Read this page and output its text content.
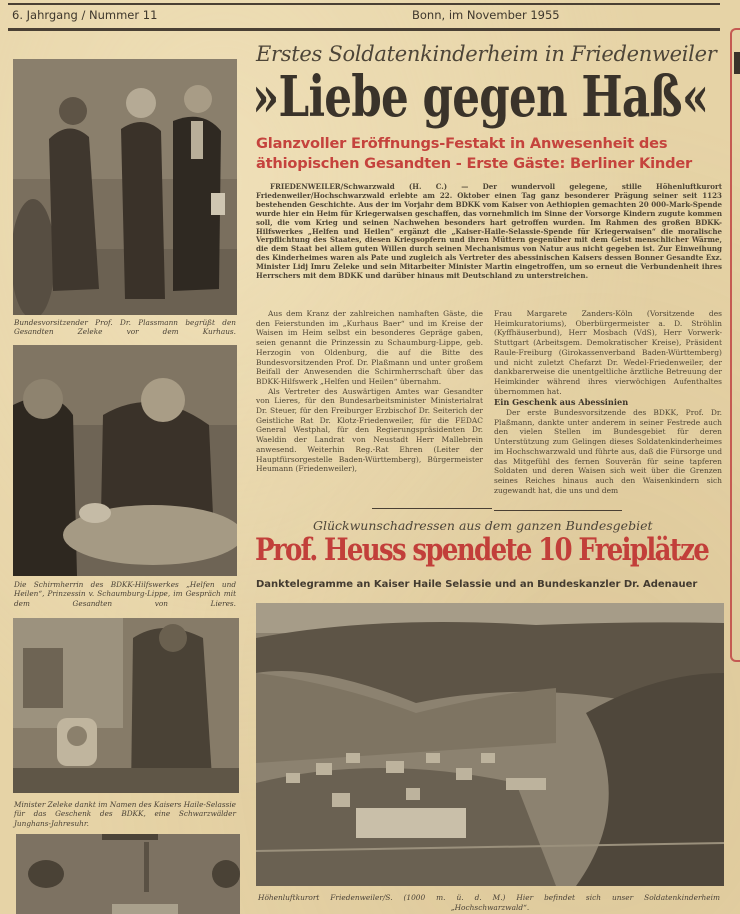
6. Jahrgang / Nummer 11	Bonn, im November 1955
Bundesvorsitzender Prof. Dr. Plassmann begrüßt den Gesandten Zeleke vor dem Kurhaus.
Die Schirmherrin des BDKK-Hilfswerkes „Helfen und Heilen“, Prinzessin v. Schaumburg-Lippe, im Gespräch mit dem Gesandten von Lieres.
Minister Zeleke dankt im Namen des Kaisers Haile-Selassie für das Geschenk des BDKK, eine Schwarzwälder Junghans-Jahresuhr.
Erstes Soldatenkinderheim in Friedenweiler
»Liebe gegen Haß«
Glanzvoller Eröffnungs-Festakt in Anwesenheit des
äthiopischen Gesandten - Erste Gäste: Berliner Kinder
FRIEDENWEILER/Schwarzwald (H. C.) — Der wundervoll gelegene, stille Höhenluftkurort Friedenweiler/Hochschwarzwald erlebte am 22. Oktober einen Tag ganz besonderer Prägung seiner seit 1123 bestehenden Geschichte. Aus der im Vorjahr dem BDKK vom Kaiser von Aethiopien gemachten 20 000-Mark-Spende wurde hier ein Heim für Kriegerwaisen geschaffen, das vornehmlich im Sinne der Vorsorge Kindern zugute kommen soll, die vom Krieg und seinen Nachwehen besonders hart getroffen wurden. Im Rahmen des großen BDKK-Hilfswerkes „Helfen und Heilen“ ergänzt die „Kaiser-Haile-Selassie-Spende für Kriegerwaisen“ die moralische Verpflichtung des Staates, diesen Kriegsopfern und ihren Müttern gegenüber mit dem Geist menschlicher Wärme, die dem Staat bei allem guten Willen durch seinen Mechanismus von Natur aus nicht gegeben ist. Zur Einweihung des Kinderheimes waren als Pate und zugleich als Vertreter des abessinischen Kaisers dessen Bonner Gesandte Exz. Minister Lidj Imru Zeleke und sein Mitarbeiter Minister Martin eingetroffen, um so erneut die Verbundenheit ihres Herrschers mit dem BDKK und darüber hinaus mit Deutschland zu unterstreichen.

Aus dem Kranz der zahlreichen namhaften Gäste, die den Feierstunden im „Kurhaus Baer“ und im Kreise der Waisen im Heim selbst ein besonderes Gepräge gaben, seien genannt die Prinzessin zu Schaumburg-Lippe, geb. Herzogin von Oldenburg, die auf die Bitte des Bundesvorsitzenden Prof. Dr. Plaßmann und unter großem Beifall der Anwesenden die Schirmherrschaft über das BDKK-Hilfswerk „Helfen und Heilen“ übernahm.

Als Vertreter des Auswärtigen Amtes war Gesandter von Lieres, für den Bundesarbeitsminister Ministerialrat Dr. Steuer, für den Freiburger Erzbischof Dr. Seiterich der Geistliche Rat Dr. Klotz-Friedenweiler, für die FEDAC General Westphal, für den Regierungspräsidenten Dr. Waeldin der Landrat von Neustadt Herr Mallebrein anwesend. Weiterhin Reg.-Rat Ehren (Leiter der Hauptfürsorgestelle Baden-Württemberg), Bürgermeister Heumann (Friedenweiler),

Frau Margarete Zanders-Köln (Vorsitzende des Heimkuratoriums), Oberbürgermeister a. D. Ströhlin (Kyffhäuserbund), Herr Mosbach (VdS), Herr Vorwerk-Stuttgart (Arbeitsgem. Demokratischer Kreise), Präsident Raule-Freiburg (Girokassenverband Baden-Württemberg) und nicht zuletzt Chefarzt Dr. Wedel-Friedenweiler, der dankbarerweise die unentgeltliche ärztliche Betreuung der Heimkinder während ihres vierwöchigen Aufenthaltes übernommen hat.

Ein Geschenk aus Abessinien

Der erste Bundesvorsitzende des BDKK, Prof. Dr. Plaßmann, dankte unter anderem in seiner Festrede auch den vielen Stellen im Bundesgebiet für deren Unterstützung zum Gelingen dieses Soldatenkinderheimes im Hochschwarzwald und führte aus, daß die Fürsorge und das Mitgefühl des fernen Souverän für seine tapferen Soldaten und deren Waisen sich weit über die Grenzen seines Reiches hinaus auch den Waisenkindern sich zugewandt hat, die uns und dem

Glückwunschadressen aus dem ganzen Bundesgebiet
Prof. Heuss spendete 10 Freiplätze
Danktelegramme an Kaiser Haile Selassie und an Bundeskanzler Dr. Adenauer
Höhenluftkurort Friedenweiler/S. (1000 m. ü. d. M.) Hier befindet sich unser Soldatenkinderheim
„Hochschwarzwald“.
